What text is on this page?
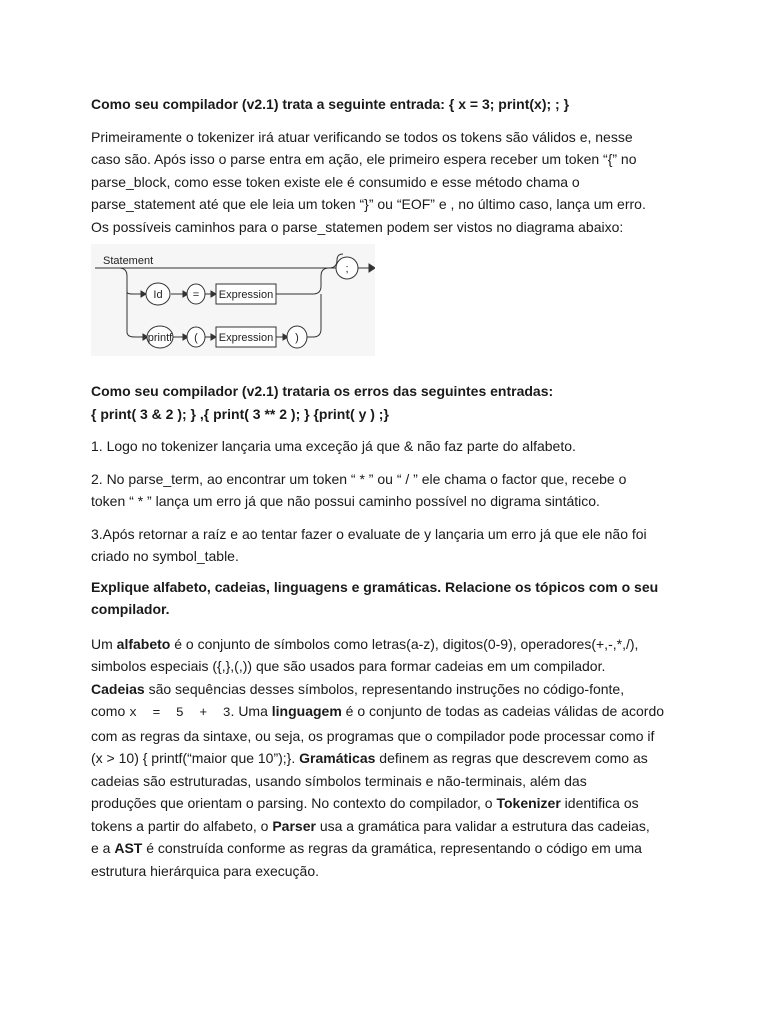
Como seu compilador (v2.1) trata a seguinte entrada: { x = 3; print(x); ; }

Primeiramente o tokenizer irá atuar verificando se todos os tokens são válidos e, nesse
caso são. Após isso o parse entra em ação, ele primeiro espera receber um token “{” no
parse_block, como esse token existe ele é consumido e esse método chama o
parse_statement até que ele leia um token “}” ou “EOF” e , no último caso, lança um erro.
Os possíveis caminhos para o parse_statemen podem ser vistos no diagrama abaixo:
Como seu compilador (v2.1) trataria os erros das seguintes entradas:
{ print( 3 & 2 ); } ,{ print( 3 ** 2 ); } {print( y ) ;}

1. Logo no tokenizer lançaria uma exceção já que & não faz parte do alfabeto.

2. No parse_term, ao encontrar um token “ * ” ou “ / ” ele chama o factor que, recebe o
token “ * ” lança um erro já que não possui caminho possível no digrama sintático.
3.Após retornar a raíz e ao tentar fazer o evaluate de y lançaria um erro já que ele não foi
criado no symbol_table.
Explique alfabeto, cadeias, linguagens e gramáticas. Relacione os tópicos com o seu
compilador.
Um alfabeto é o conjunto de símbolos como letras(a-z), digitos(0-9), operadores(+,-,*,/),
simbolos especiais ({,},(,)) que são usados para formar cadeias em um compilador.
Cadeias são sequências desses símbolos, representando instruções no código-fonte,
como x  =  5  +  3. Uma linguagem é o conjunto de todas as cadeias válidas de acordo
com as regras da sintaxe, ou seja, os programas que o compilador pode processar como if
(x > 10) { printf(“maior que 10”);}. Gramáticas definem as regras que descrevem como as
cadeias são estruturadas, usando símbolos terminais e não-terminais, além das
produções que orientam o parsing. No contexto do compilador, o Tokenizer identifica os
tokens a partir do alfabeto, o Parser usa a gramática para validar a estrutura das cadeias,
e a AST é construída conforme as regras da gramática, representando o código em uma
estrutura hierárquica para execução.
Statement
;
Id	= Expression
printf ( Expression )
